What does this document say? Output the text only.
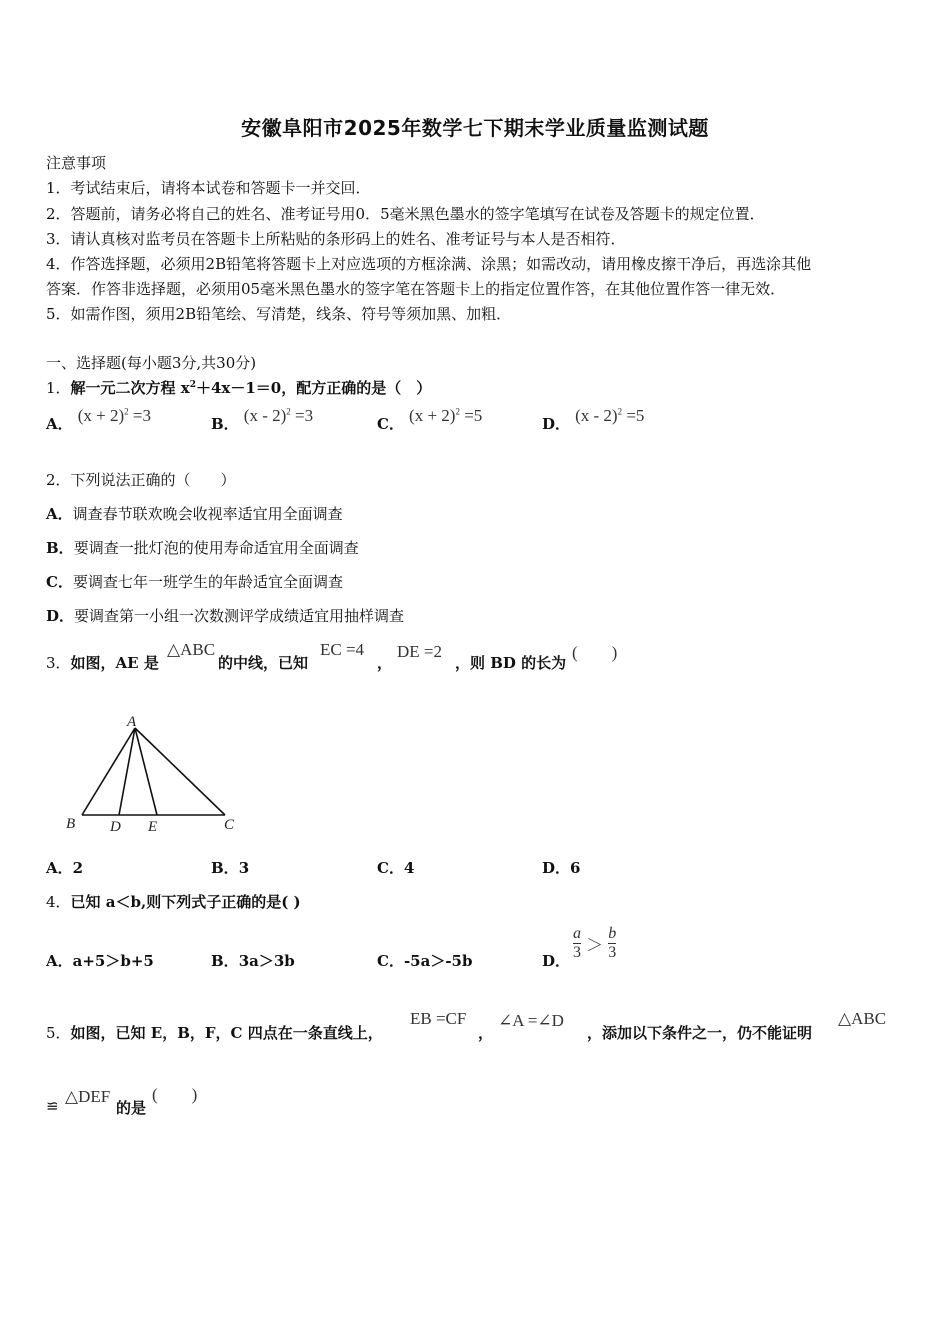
安徽阜阳市2025年数学七下期末学业质量监测试题
注意事项
1．考试结束后，请将本试卷和答题卡一并交回．
2．答题前，请务必将自己的姓名、准考证号用0．5毫米黑色墨水的签字笔填写在试卷及答题卡的规定位置．
3．请认真核对监考员在答题卡上所粘贴的条形码上的姓名、准考证号与本人是否相符．
4．作答选择题，必须用2B铅笔将答题卡上对应选项的方框涂满、涂黑；如需改动，请用橡皮擦干净后，再选涂其他
答案．作答非选择题，必须用05毫米黑色墨水的签字笔在答题卡上的指定位置作答，在其他位置作答一律无效．
5．如需作图，须用2B铅笔绘、写清楚，线条、符号等须加黑、加粗．
一、选择题(每小题3分,共30分)
1．解一元二次方程 $x^2+4x-1=0$，配方正确的是（　）
A． $(x + 2)^2 =3$	B． (x - 2)$^2$ =3	C． $(x + 2)^2 =5$	D． (x - 2)$^2$ =5
2．下列说法正确的（　　）
A．调查春节联欢晚会收视率适宜用全面调查
B．要调查一批灯泡的使用寿命适宜用全面调查
C．要调查七年一班学生的年龄适宜全面调查
D．要调查第一小组一次数测评学成绩适宜用抽样调查
3．如图，AE 是
△ABC
的中线，已知
EC =4
，
DE =2
，则 BD 的长为
(　　)
A
B D E	C
A．2	B．3	C．4	D．6
4．已知 a＜b,则下列式子正确的是( )
A．a+5＞b+5	B．3a＞3b	C．-5a＞-5b	D． $\frac{a}{3} > \frac{b}{3}$
5．如图，已知 E，B，F，C 四点在一条直线上，
EB =CF
，
∠A =∠D
，添加以下条件之一，仍不能证明
△ABC
≌ △DEF
的是
(　　)
